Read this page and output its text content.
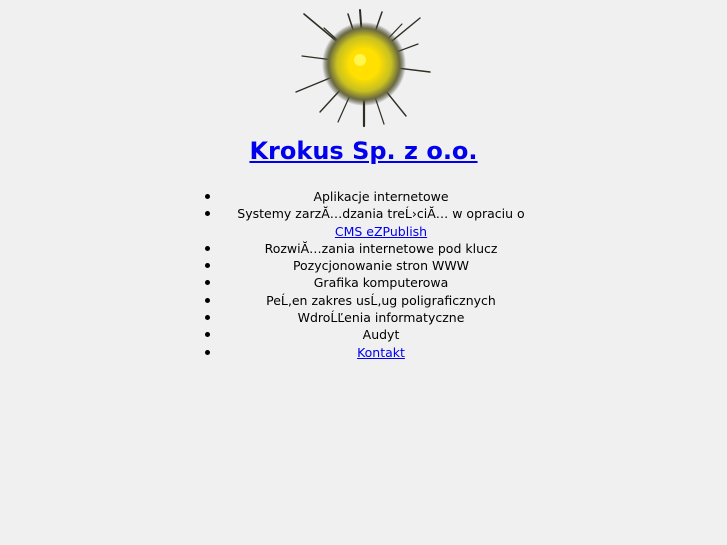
Krokus Sp. z o.o.
Aplikacje internetowe
Systemy zarzĂ…dzania treĹ›ciĂ… w opraciu o CMS eZPublish
RozwiĂ…zania internetowe pod klucz
Pozycjonowanie stron WWW
Grafika komputerowa
PeĹ‚en zakres usĹ‚ug poligraficznych
WdroĹĽenia informatyczne
Audyt
Kontakt
